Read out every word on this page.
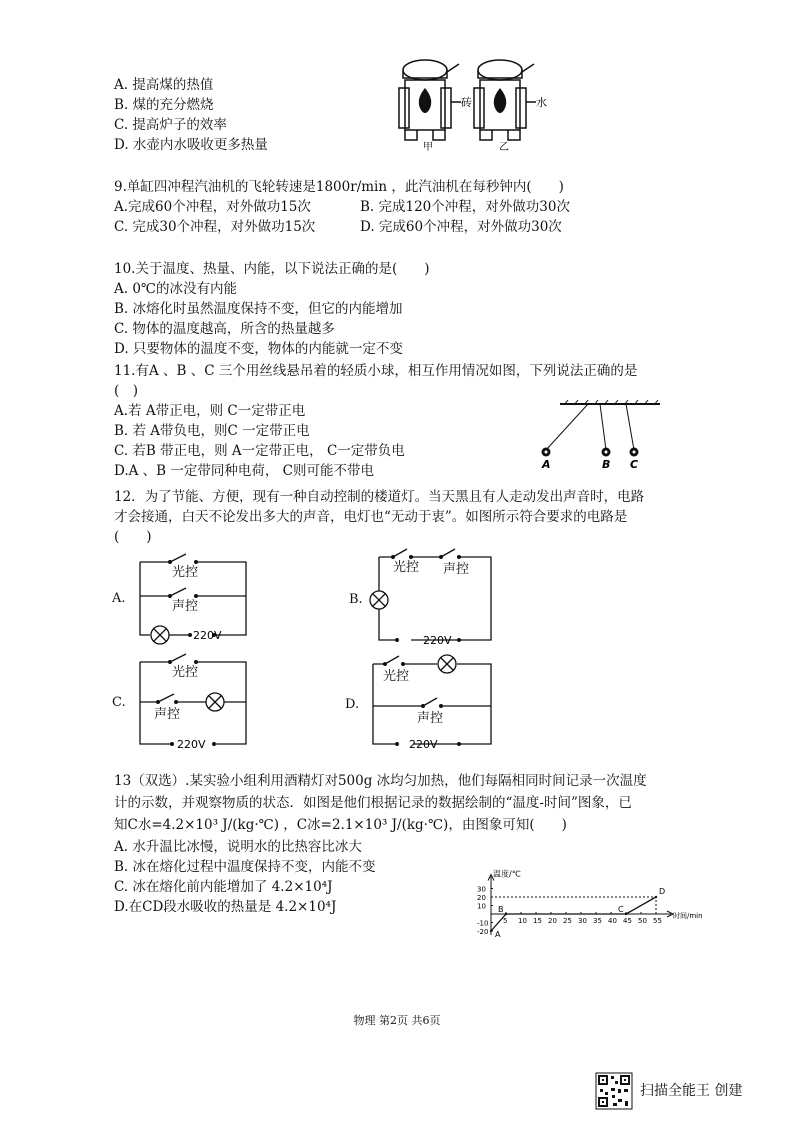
A. 提高煤的热值
B. 煤的充分燃烧
C. 提高炉子的效率
D. 水壶内水吸收更多热量
砖	水
甲	乙
9.单缸四冲程汽油机的飞轮转速是1800r/min ，此汽油机在每秒钟内(　　)
A.完成60个冲程，对外做功15次	B. 完成120个冲程，对外做功30次
C. 完成30个冲程，对外做功15次	D. 完成60个冲程，对外做功30次
10.关于温度、热量、内能，以下说法正确的是(　　)
A. 0℃的冰没有内能
B. 冰熔化时虽然温度保持不变，但它的内能增加
C. 物体的温度越高，所含的热量越多
D. 只要物体的温度不变，物体的内能就一定不变
11.有A 、B 、C 三个用丝线悬吊着的轻质小球，相互作用情况如图，下列说法正确的是
(　)
A.若 A带正电，则 C一定带正电
B. 若 A带负电，则C 一定带正电
C. 若B 带正电，则 A一定带正电， C一定带负电
D.A 、B 一定带同种电荷， C则可能不带电	A	B C
12．为了节能、方便，现有一种自动控制的楼道灯。当天黑且有人走动发出声音时，电路
才会接通，白天不论发出多大的声音，电灯也“无动于衷”。如图所示符合要求的电路是
(　　)
光控
声控
220V
A.
光控 声控
220V
B.
光控
声控
220V
C.
光控
声控
220V
D.
13（双选）.某实验小组利用酒精灯对500g 冰均匀加热，他们每隔相同时间记录一次温度
计的示数，并观察物质的状态．如图是他们根据记录的数据绘制的“温度-时间”图象，已
知C水=4.2×10³ J/(kg·℃) ，C冰=2.1×10³ J/(kg·℃)，由图象可知(　　)
A. 水升温比冰慢，说明水的比热容比冰大
B. 冰在熔化过程中温度保持不变，内能不变
C. 冰在熔化前内能增加了 4.2×10⁴J
D.在CD段水吸收的热量是 4.2×10⁴J
温度/℃
时间/min
5 10 15 20 25 30 35 40 45 50 55
30
20
10
-10
-20 A
B	C
D
物理 第2页 共6页
扫描全能王 创建
